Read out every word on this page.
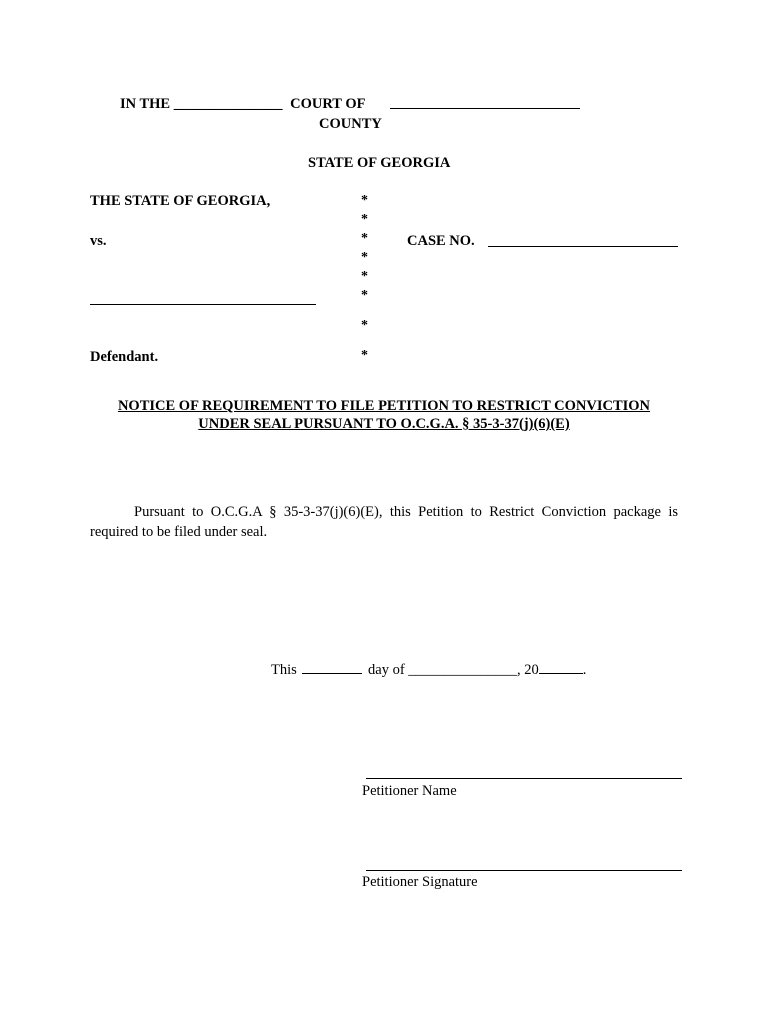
IN THE _______________ COURT OF
COUNTY
STATE OF GEORGIA
THE STATE OF GEORGIA,
vs.
Defendant.
*
*
*
*
*
*
*
*
CASE NO.
NOTICE OF REQUIREMENT TO FILE PETITION TO RESTRICT CONVICTION
UNDER SEAL PURSUANT TO O.C.G.A. § 35-3-37(j)(6)(E)
Pursuant to O.C.G.A § 35-3-37(j)(6)(E), this Petition to Restrict Conviction package is required to be filed under seal.
This	day of _______________, 20	.
Petitioner Name
Petitioner Signature
